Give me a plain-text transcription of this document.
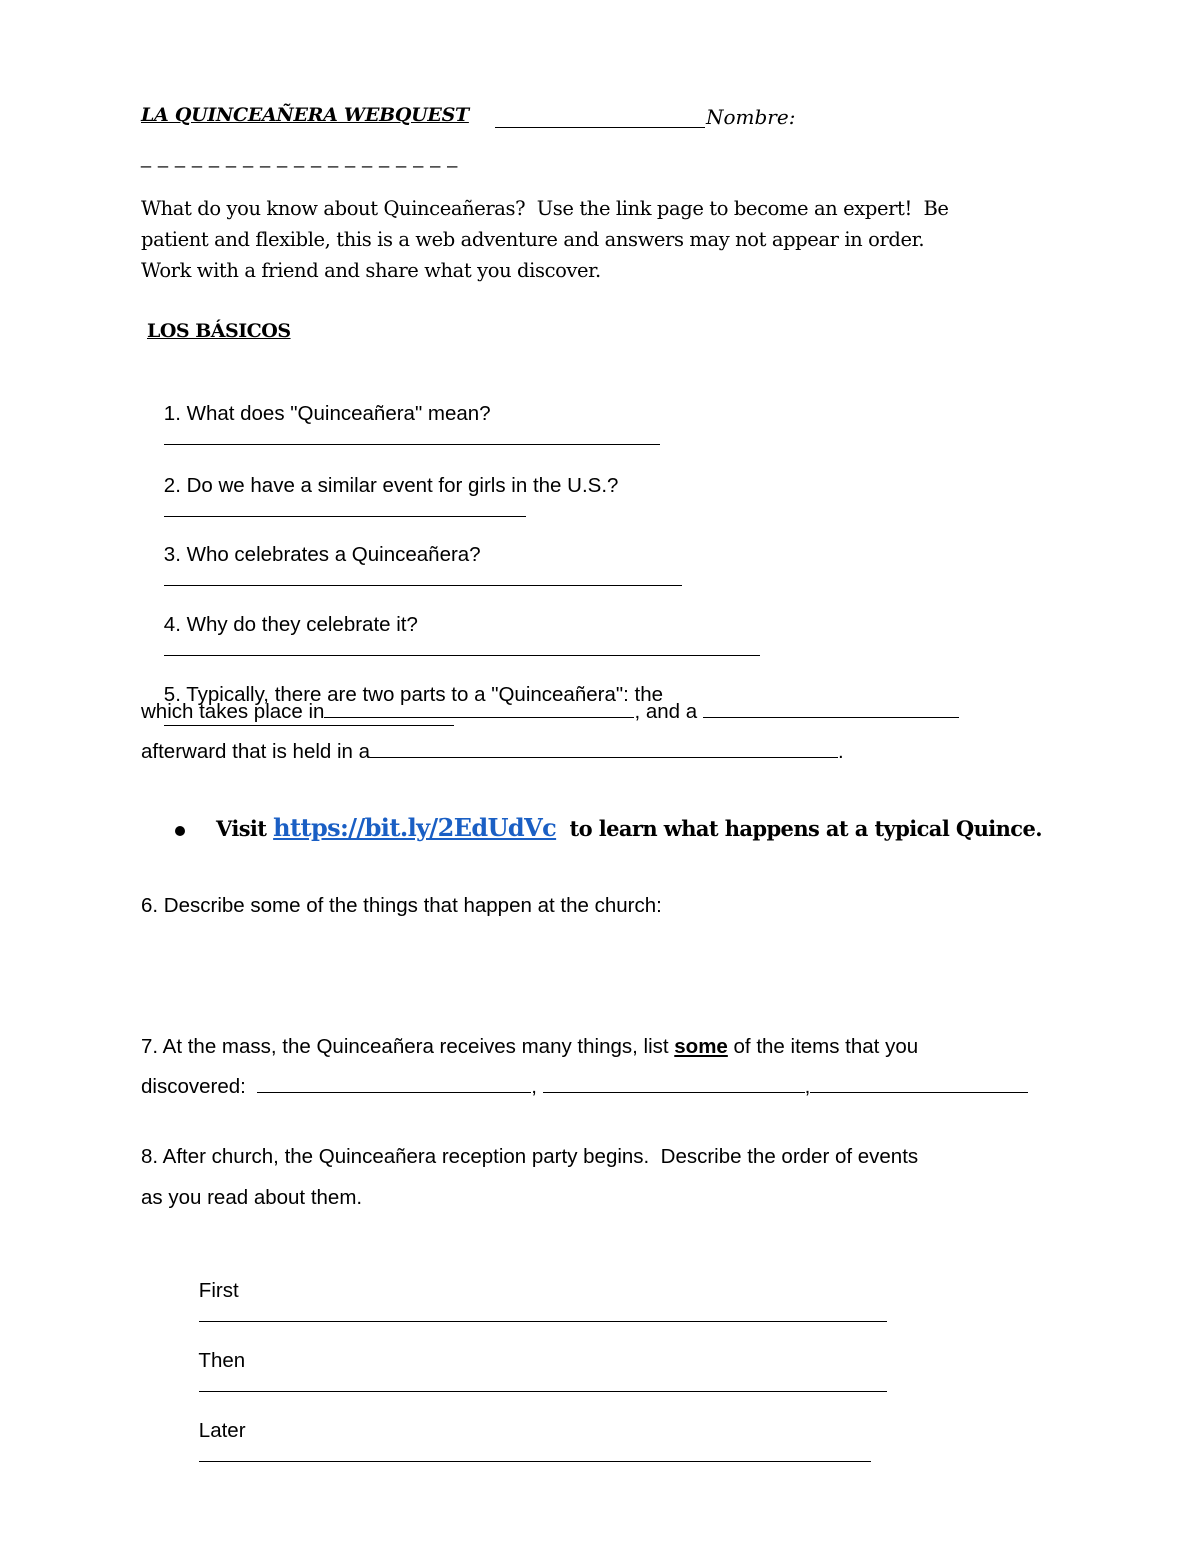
LA QUINCEAÑERA WEBQUEST	Nombre:
_ _ _ _ _ _ _ _ _ _ _ _ _ _ _ _ _ _ _
What do you know about Quinceañeras?  Use the link page to become an expert!  Be
patient and flexible, this is a web adventure and answers may not appear in order.
Work with a friend and share what you discover.
LOS BÁSICOS

1. What does "Quinceañera" mean?

2. Do we have a similar event for girls in the U.S.?

3. Who celebrates a Quinceañera?

4. Why do they celebrate it?

5. Typically, there are two parts to a "Quinceañera": the

which takes place in	, and a
afterward that is held in a	.
Visit https://bit.ly/2EdUdVc  to learn what happens at a typical Quince.
6. Describe some of the things that happen at the church:
7. At the mass, the Quinceañera receives many things, list some of the items that you
discovered:	,	,
8. After church, the Quinceañera reception party begins.  Describe the order of events
as you read about them.

First

Then

Later
